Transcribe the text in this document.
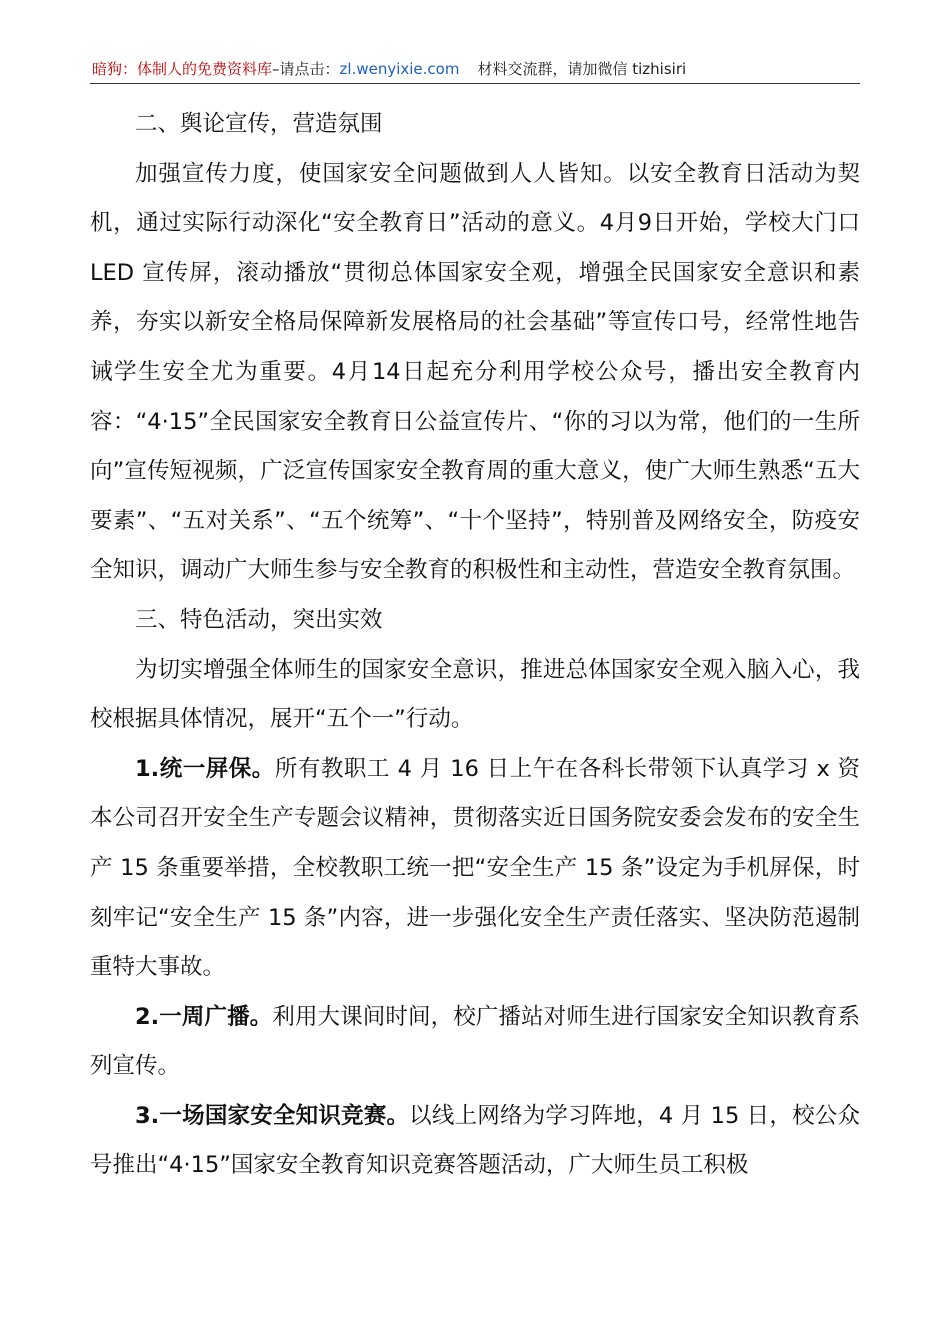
暗狗：体制人的免费资料库–请点击：zl.wenyixie.com 材料交流群，请加微信 tizhisiri

二、舆论宣传，营造氛围

加强宣传力度，使国家安全问题做到人人皆知。以安全教育日活动为契机，通过实际行动深化“安全教育日”活动的意义。4月9日开始，学校大门口 LED 宣传屏，滚动播放“贯彻总体国家安全观，增强全民国家安全意识和素养，夯实以新安全格局保障新发展格局的社会基础”等宣传口号，经常性地告诫学生安全尤为重要。4月14日起充分利用学校公众号，播出安全教育内容：“4·15”全民国家安全教育日公益宣传片、“你的习以为常，他们的一生所向”宣传短视频，广泛宣传国家安全教育周的重大意义，使广大师生熟悉“五大要素”、“五对关系”、“五个统筹”、“十个坚持”，特别普及网络安全，防疫安全知识，调动广大师生参与安全教育的积极性和主动性，营造安全教育氛围。

三、特色活动，突出实效

为切实增强全体师生的国家安全意识，推进总体国家安全观入脑入心，我校根据具体情况，展开“五个一”行动。

1.统一屏保。所有教职工 4 月 16 日上午在各科长带领下认真学习 x 资本公司召开安全生产专题会议精神，贯彻落实近日国务院安委会发布的安全生产 15 条重要举措，全校教职工统一把“安全生产 15 条”设定为手机屏保，时刻牢记“安全生产 15 条”内容，进一步强化安全生产责任落实、坚决防范遏制重特大事故。

2.一周广播。利用大课间时间，校广播站对师生进行国家安全知识教育系列宣传。

3.一场国家安全知识竞赛。以线上网络为学习阵地，4 月 15 日，校公众号推出“4·15”国家安全教育知识竞赛答题活动，广大师生员工积极
